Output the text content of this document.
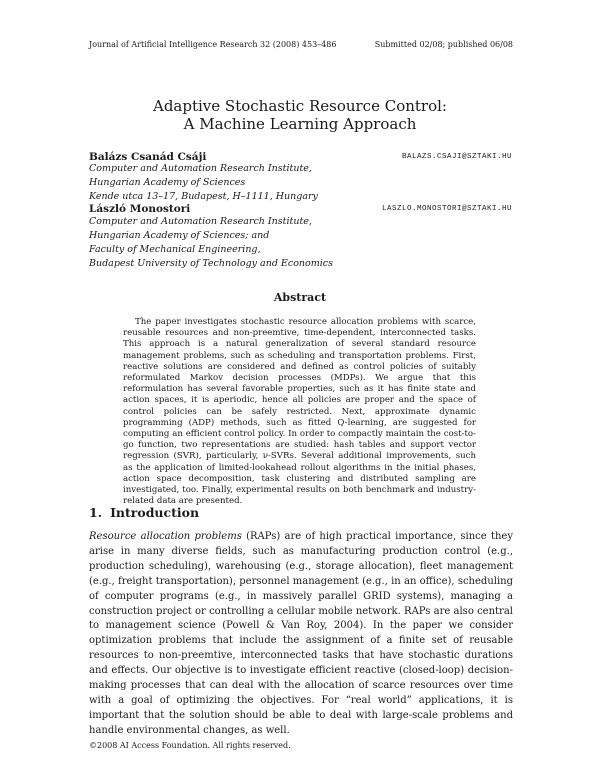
Journal of Artificial Intelligence Research 32 (2008) 453–486	Submitted 02/08; published 06/08
Adaptive Stochastic Resource Control:
A Machine Learning Approach
Balázs Csanád Csáji	BALAZS.CSAJI@SZTAKI.HU
Computer and Automation Research Institute,
Hungarian Academy of Sciences
Kende utca 13–17, Budapest, H–1111, Hungary
László Monostori	LASZLO.MONOSTORI@SZTAKI.HU
Computer and Automation Research Institute,
Hungarian Academy of Sciences; and
Faculty of Mechanical Engineering,
Budapest University of Technology and Economics
Abstract
The paper investigates stochastic resource allocation problems with scarce, reusable resources and non-preemtive, time-dependent, interconnected tasks. This approach is a natural generalization of several standard resource management problems, such as scheduling and transportation problems. First, reactive solutions are considered and defined as control policies of suitably reformulated Markov decision processes (MDPs). We argue that this reformulation has several favorable properties, such as it has finite state and action spaces, it is aperiodic, hence all policies are proper and the space of control policies can be safely restricted. Next, approximate dynamic programming (ADP) methods, such as fitted Q-learning, are suggested for computing an efficient control policy. In order to compactly maintain the cost-to-go function, two representations are studied: hash tables and support vector regression (SVR), particularly, ν-SVRs. Several additional improvements, such as the application of limited-lookahead rollout algorithms in the initial phases, action space decomposition, task clustering and distributed sampling are investigated, too. Finally, experimental results on both benchmark and industry-related data are presented.
1. Introduction
Resource allocation problems (RAPs) are of high practical importance, since they arise in many diverse fields, such as manufacturing production control (e.g., production scheduling), warehousing (e.g., storage allocation), fleet management (e.g., freight transportation), personnel management (e.g., in an office), scheduling of computer programs (e.g., in massively parallel GRID systems), managing a construction project or controlling a cellular mobile network. RAPs are also central to management science (Powell & Van Roy, 2004). In the paper we consider optimization problems that include the assignment of a finite set of reusable resources to non-preemtive, interconnected tasks that have stochastic durations and effects. Our objective is to investigate efficient reactive (closed-loop) decision-making processes that can deal with the allocation of scarce resources over time with a goal of optimizing the objectives. For “real world” applications, it is important that the solution should be able to deal with large-scale problems and handle environmental changes, as well.
©2008 AI Access Foundation. All rights reserved.
